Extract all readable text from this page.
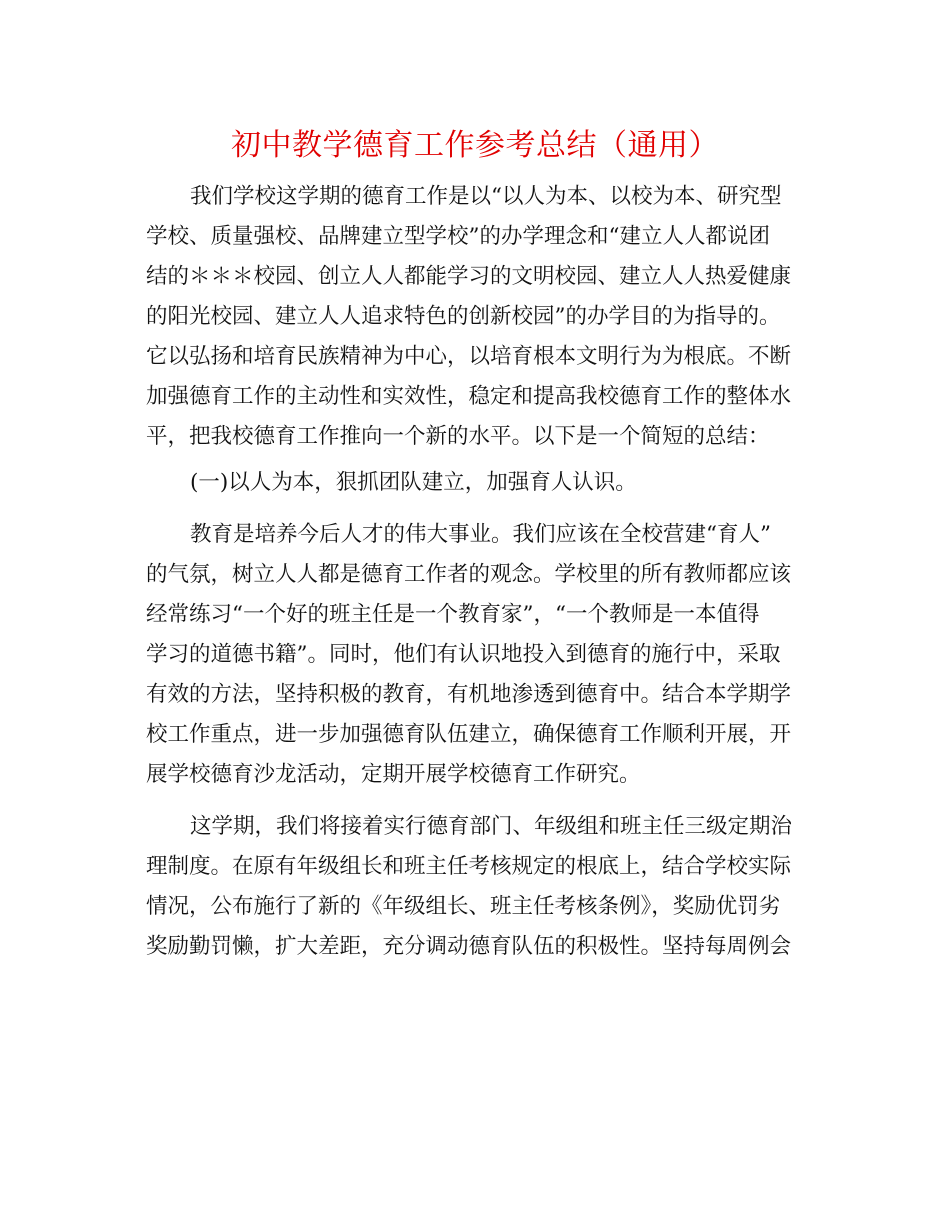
初中教学德育工作参考总结（通用）
我们学校这学期的德育工作是以“以人为本、以校为本、研究型
学校、质量强校、品牌建立型学校”的办学理念和“建立人人都说团
结的＊＊＊校园、创立人人都能学习的文明校园、建立人人热爱健康
的阳光校园、建立人人追求特色的创新校园”的办学目的为指导的。
它以弘扬和培育民族精神为中心，以培育根本文明行为为根底。不断
加强德育工作的主动性和实效性，稳定和提高我校德育工作的整体水
平，把我校德育工作推向一个新的水平。以下是一个简短的总结：
(一)以人为本，狠抓团队建立，加强育人认识。
教育是培养今后人才的伟大事业。我们应该在全校营建“育人”
的气氛，树立人人都是德育工作者的观念。学校里的所有教师都应该
经常练习“一个好的班主任是一个教育家”，“一个教师是一本值得
学习的道德书籍”。同时，他们有认识地投入到德育的施行中，采取
有效的方法，坚持积极的教育，有机地渗透到德育中。结合本学期学
校工作重点，进一步加强德育队伍建立，确保德育工作顺利开展，开
展学校德育沙龙活动，定期开展学校德育工作研究。
这学期，我们将接着实行德育部门、年级组和班主任三级定期治
理制度。在原有年级组长和班主任考核规定的根底上，结合学校实际
情况，公布施行了新的《年级组长、班主任考核条例》，奖励优罚劣
奖励勤罚懒，扩大差距，充分调动德育队伍的积极性。坚持每周例会
